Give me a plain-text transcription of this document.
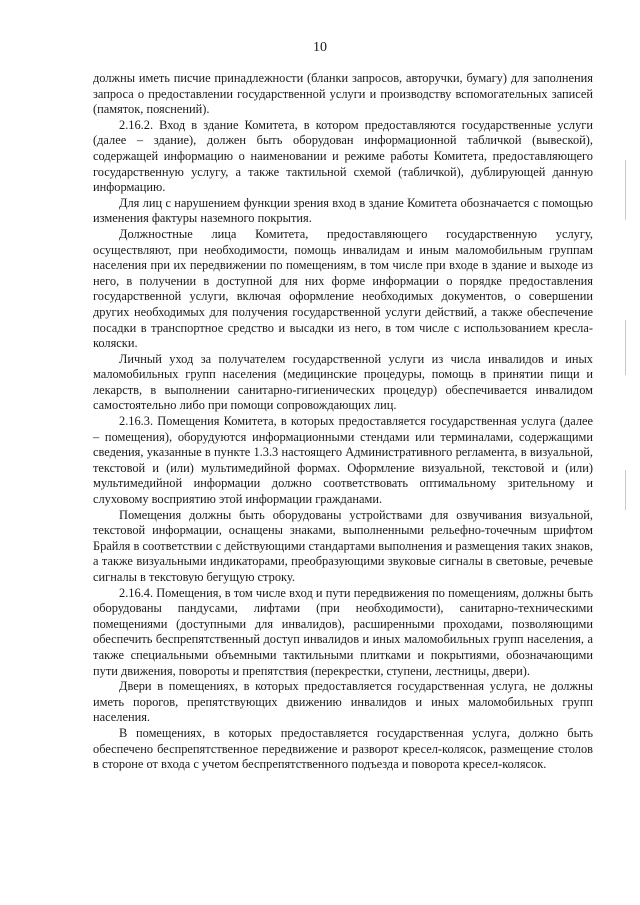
10

должны иметь писчие принадлежности (бланки запросов, авторучки, бумагу) для заполнения запроса о предоставлении государственной услуги и производству вспомогательных записей (памяток, пояснений).

2.16.2. Вход в здание Комитета, в котором предоставляются государственные услуги (далее – здание), должен быть оборудован информационной табличкой (вывеской), содержащей информацию о наименовании и режиме работы Комитета, предоставляющего государственную услугу, а также тактильной схемой (табличкой), дублирующей данную информацию.

Для лиц с нарушением функции зрения вход в здание Комитета обозначается с помощью изменения фактуры наземного покрытия.

Должностные лица Комитета, предоставляющего государственную услугу, осуществляют, при необходимости, помощь инвалидам и иным маломобильным группам населения при их передвижении по помещениям, в том числе при входе в здание и выходе из него, в получении в доступной для них форме информации о порядке предоставления государственной услуги, включая оформление необходимых документов, о совершении других необходимых для получения государственной услуги действий, а также обеспечение посадки в транспортное средство и высадки из него, в том числе с использованием кресла-коляски.

Личный уход за получателем государственной услуги из числа инвалидов и иных маломобильных групп населения (медицинские процедуры, помощь в принятии пищи и лекарств, в выполнении санитарно-гигиенических процедур) обеспечивается инвалидом самостоятельно либо при помощи сопровождающих лиц.

2.16.3. Помещения Комитета, в которых предоставляется государственная услуга (далее – помещения), оборудуются информационными стендами или терминалами, содержащими сведения, указанные в пункте 1.3.3 настоящего Административного регламента, в визуальной, текстовой и (или) мультимедийной формах. Оформление визуальной, текстовой и (или) мультимедийной информации должно соответствовать оптимальному зрительному и слуховому восприятию этой информации гражданами.

Помещения должны быть оборудованы устройствами для озвучивания визуальной, текстовой информации, оснащены знаками, выполненными рельефно-точечным шрифтом Брайля в соответствии с действующими стандартами выполнения и размещения таких знаков, а также визуальными индикаторами, преобразующими звуковые сигналы в световые, речевые сигналы в текстовую бегущую строку.

2.16.4. Помещения, в том числе вход и пути передвижения по помещениям, должны быть оборудованы пандусами, лифтами (при необходимости), санитарно-техническими помещениями (доступными для инвалидов), расширенными проходами, позволяющими обеспечить беспрепятственный доступ инвалидов и иных маломобильных групп населения, а также специальными объемными тактильными плитками и покрытиями, обозначающими пути движения, повороты и препятствия (перекрестки, ступени, лестницы, двери).

Двери в помещениях, в которых предоставляется государственная услуга, не должны иметь порогов, препятствующих движению инвалидов и иных маломобильных групп населения.

В помещениях, в которых предоставляется государственная услуга, должно быть обеспечено беспрепятственное передвижение и разворот кресел-колясок, размещение столов в стороне от входа с учетом беспрепятственного подъезда и поворота кресел-колясок.
